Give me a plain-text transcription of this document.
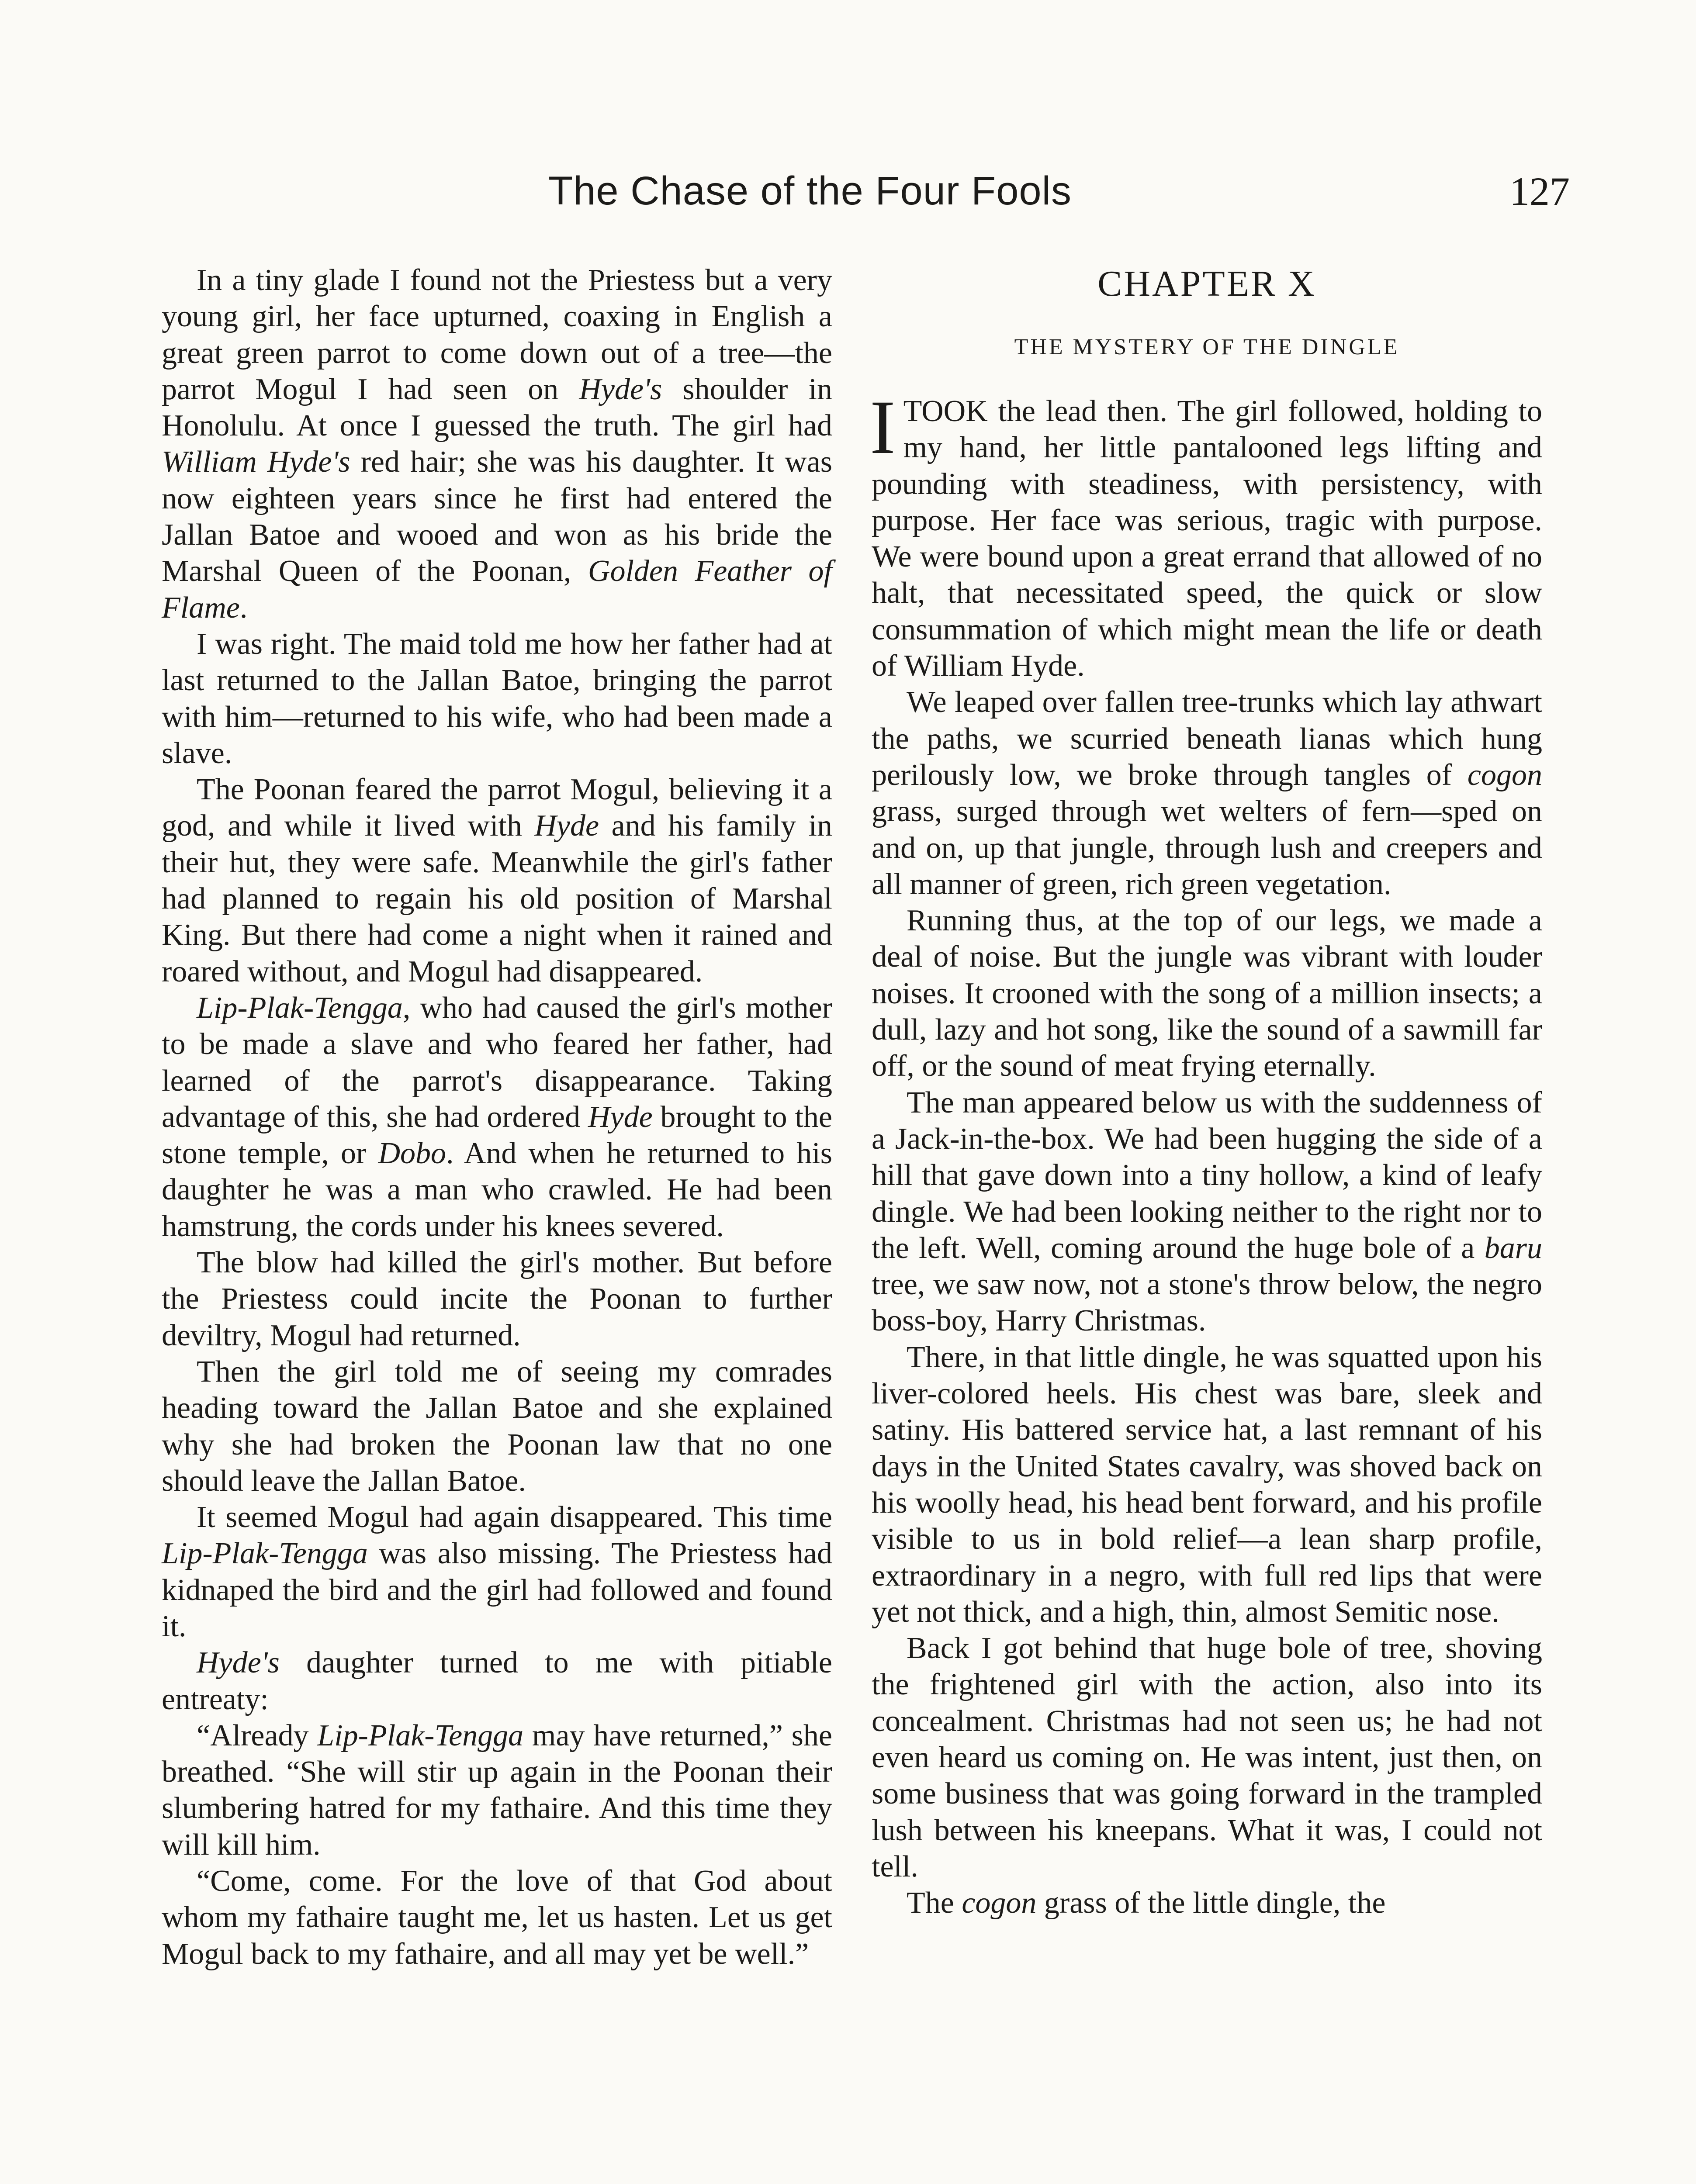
The Chase of the Four Fools	127

In a tiny glade I found not the Priestess but a very young girl, her face upturned, coaxing in English a great green parrot to come down out of a tree—the parrot Mogul I had seen on Hyde's shoulder in Honolulu. At once I guessed the truth. The girl had William Hyde's red hair; she was his daughter. It was now eighteen years since he first had entered the Jallan Batoe and wooed and won as his bride the Marshal Queen of the Poonan, Golden Feather of Flame.

I was right. The maid told me how her father had at last returned to the Jallan Batoe, bringing the parrot with him—returned to his wife, who had been made a slave.

The Poonan feared the parrot Mogul, believing it a god, and while it lived with Hyde and his family in their hut, they were safe. Meanwhile the girl's father had planned to regain his old position of Marshal King. But there had come a night when it rained and roared without, and Mogul had disappeared.

Lip-Plak-Tengga, who had caused the girl's mother to be made a slave and who feared her father, had learned of the parrot's disappearance. Taking advantage of this, she had ordered Hyde brought to the stone temple, or Dobo. And when he returned to his daughter he was a man who crawled. He had been hamstrung, the cords under his knees severed.

The blow had killed the girl's mother. But before the Priestess could incite the Poonan to further deviltry, Mogul had returned.

Then the girl told me of seeing my comrades heading toward the Jallan Batoe and she explained why she had broken the Poonan law that no one should leave the Jallan Batoe.

It seemed Mogul had again disappeared. This time Lip-Plak-Tengga was also missing. The Priestess had kidnaped the bird and the girl had followed and found it.

Hyde's daughter turned to me with pitiable entreaty:

“Already Lip-Plak-Tengga may have returned,” she breathed. “She will stir up again in the Poonan their slumbering hatred for my fathaire. And this time they will kill him.

“Come, come. For the love of that God about whom my fathaire taught me, let us hasten. Let us get Mogul back to my fathaire, and all may yet be well.”

CHAPTER X
THE MYSTERY OF THE DINGLE

ITOOK the lead then. The girl followed, holding to my hand, her little pantalooned legs lifting and pounding with steadiness, with persistency, with purpose. Her face was serious, tragic with purpose. We were bound upon a great errand that allowed of no halt, that necessitated speed, the quick or slow consummation of which might mean the life or death of William Hyde.

We leaped over fallen tree-trunks which lay athwart the paths, we scurried beneath lianas which hung perilously low, we broke through tangles of cogon grass, surged through wet welters of fern—sped on and on, up that jungle, through lush and creepers and all manner of green, rich green vegetation.

Running thus, at the top of our legs, we made a deal of noise. But the jungle was vibrant with louder noises. It crooned with the song of a million insects; a dull, lazy and hot song, like the sound of a sawmill far off, or the sound of meat frying eternally.

The man appeared below us with the suddenness of a Jack-in-the-box. We had been hugging the side of a hill that gave down into a tiny hollow, a kind of leafy dingle. We had been looking neither to the right nor to the left. Well, coming around the huge bole of a baru tree, we saw now, not a stone's throw below, the negro boss-boy, Harry Christmas.

There, in that little dingle, he was squatted upon his liver-colored heels. His chest was bare, sleek and satiny. His battered service hat, a last remnant of his days in the United States cavalry, was shoved back on his woolly head, his head bent forward, and his profile visible to us in bold relief—a lean sharp profile, extraordinary in a negro, with full red lips that were yet not thick, and a high, thin, almost Semitic nose.

Back I got behind that huge bole of tree, shoving the frightened girl with the action, also into its concealment. Christmas had not seen us; he had not even heard us coming on. He was intent, just then, on some business that was going forward in the trampled lush between his kneepans. What it was, I could not tell.

The cogon grass of the little dingle, the
